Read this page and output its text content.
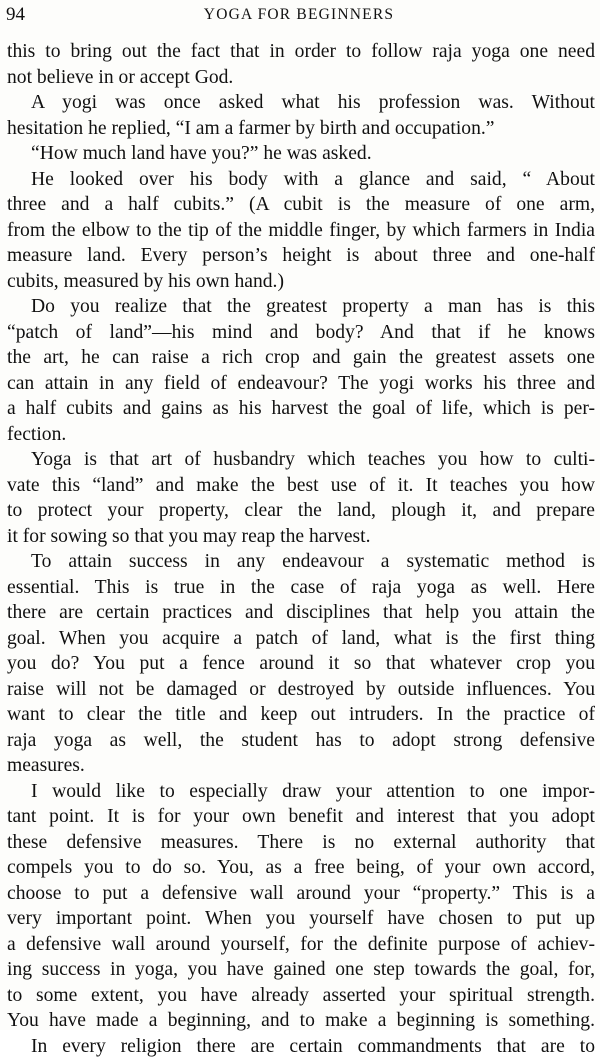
94	YOGA FOR BEGINNERS
this to bring out the fact that in order to follow raja yoga one need
not believe in or accept God.
A yogi was once asked what his profession was. Without
hesitation he replied, “I am a farmer by birth and occupation.”
“How much land have you?” he was asked.
He looked over his body with a glance and said, “ About
three and a half cubits.” (A cubit is the measure of one arm,
from the elbow to the tip of the middle finger, by which farmers in India
measure land. Every person’s height is about three and one-half
cubits, measured by his own hand.)
Do you realize that the greatest property a man has is this
“patch of land”—his mind and body? And that if he knows
the art, he can raise a rich crop and gain the greatest assets one
can attain in any field of endeavour? The yogi works his three and
a half cubits and gains as his harvest the goal of life, which is per-
fection.
Yoga is that art of husbandry which teaches you how to culti-
vate this “land” and make the best use of it. It teaches you how
to protect your property, clear the land, plough it, and prepare
it for sowing so that you may reap the harvest.
To attain success in any endeavour a systematic method is
essential. This is true in the case of raja yoga as well. Here
there are certain practices and disciplines that help you attain the
goal. When you acquire a patch of land, what is the first thing
you do? You put a fence around it so that whatever crop you
raise will not be damaged or destroyed by outside influences. You
want to clear the title and keep out intruders. In the practice of
raja yoga as well, the student has to adopt strong defensive
measures.
I would like to especially draw your attention to one impor-
tant point. It is for your own benefit and interest that you adopt
these defensive measures. There is no external authority that
compels you to do so. You, as a free being, of your own accord,
choose to put a defensive wall around your “property.” This is a
very important point. When you yourself have chosen to put up
a defensive wall around yourself, for the definite purpose of achiev-
ing success in yoga, you have gained one step towards the goal, for,
to some extent, you have already asserted your spiritual strength.
You have made a beginning, and to make a beginning is something.
In every religion there are certain commandments that are to
